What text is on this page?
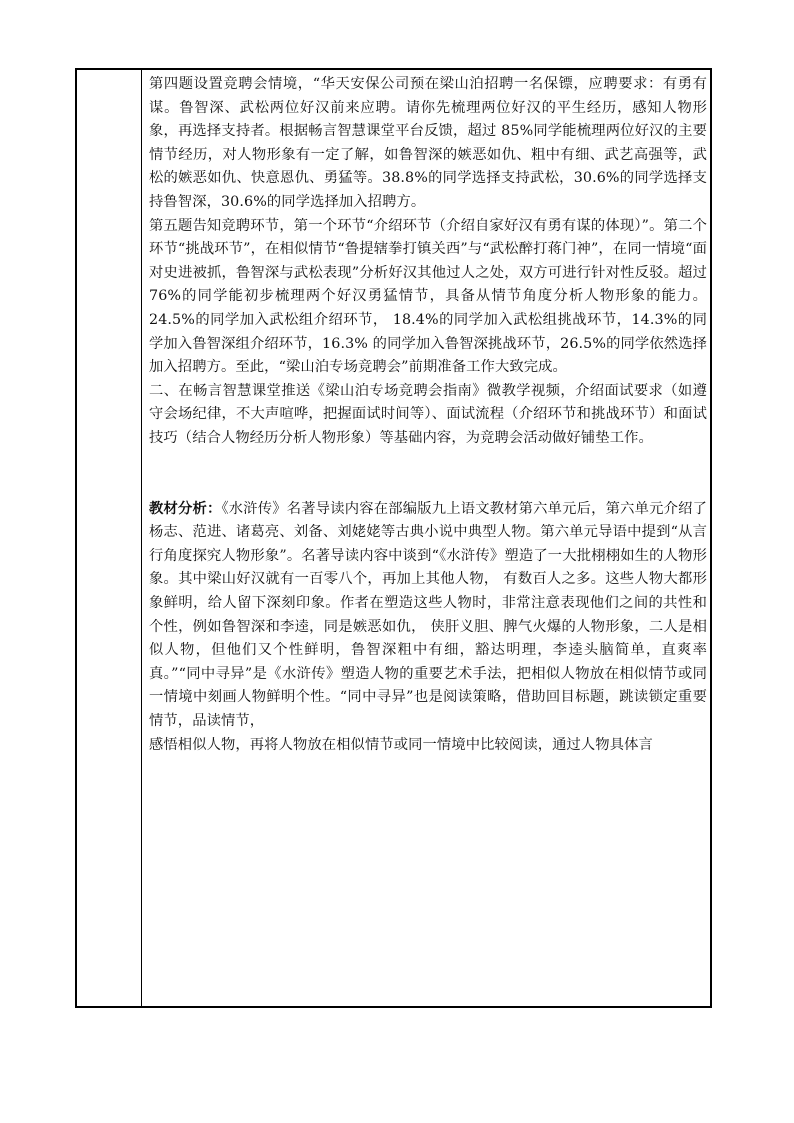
第四题设置竞聘会情境，“华天安保公司预在梁山泊招聘一名保镖，应聘要求：有勇有谋。鲁智深、武松两位好汉前来应聘。请你先梳理两位好汉的平生经历，感知人物形象，再选择支持者。根据畅言智慧课堂平台反馈，超过 85%同学能梳理两位好汉的主要情节经历，对人物形象有一定了解，如鲁智深的嫉恶如仇、粗中有细、武艺高强等，武松的嫉恶如仇、快意恩仇、勇猛等。38.8%的同学选择支持武松，30.6%的同学选择支持鲁智深，30.6%的同学选择加入招聘方。

第五题告知竞聘环节，第一个环节“介绍环节（介绍自家好汉有勇有谋的体现）”。第二个环节“挑战环节”，在相似情节“鲁提辖拳打镇关西”与“武松醉打蒋门神”，在同一情境“面对史进被抓，鲁智深与武松表现”分析好汉其他过人之处，双方可进行针对性反驳。超过 76%的同学能初步梳理两个好汉勇猛情节，具备从情节角度分析人物形象的能力。24.5%的同学加入武松组介绍环节， 18.4%的同学加入武松组挑战环节，14.3%的同学加入鲁智深组介绍环节，16.3% 的同学加入鲁智深挑战环节，26.5%的同学依然选择加入招聘方。至此，“梁山泊专场竞聘会”前期准备工作大致完成。

二、在畅言智慧课堂推送《梁山泊专场竞聘会指南》微教学视频，介绍面试要求（如遵守会场纪律，不大声喧哗，把握面试时间等）、面试流程（介绍环节和挑战环节）和面试技巧（结合人物经历分析人物形象）等基础内容，为竞聘会活动做好铺垫工作。

教材分析：《水浒传》名著导读内容在部编版九上语文教材第六单元后，第六单元介绍了杨志、范进、诸葛亮、刘备、刘姥姥等古典小说中典型人物。第六单元导语中提到“从言行角度探究人物形象”。名著导读内容中谈到“《水浒传》塑造了一大批栩栩如生的人物形象。其中梁山好汉就有一百零八个，再加上其他人物， 有数百人之多。这些人物大都形象鲜明，给人留下深刻印象。作者在塑造这些人物时，非常注意表现他们之间的共性和个性，例如鲁智深和李逵，同是嫉恶如仇， 侠肝义胆、脾气火爆的人物形象，二人是相似人物，但他们又个性鲜明，鲁智深粗中有细，豁达明理，李逵头脑简单，直爽率真。”“同中寻异”是《水浒传》塑造人物的重要艺术手法，把相似人物放在相似情节或同一情境中刻画人物鲜明个性。“同中寻异”也是阅读策略，借助回目标题，跳读锁定重要情节，品读情节，

感悟相似人物，再将人物放在相似情节或同一情境中比较阅读，通过人物具体言
